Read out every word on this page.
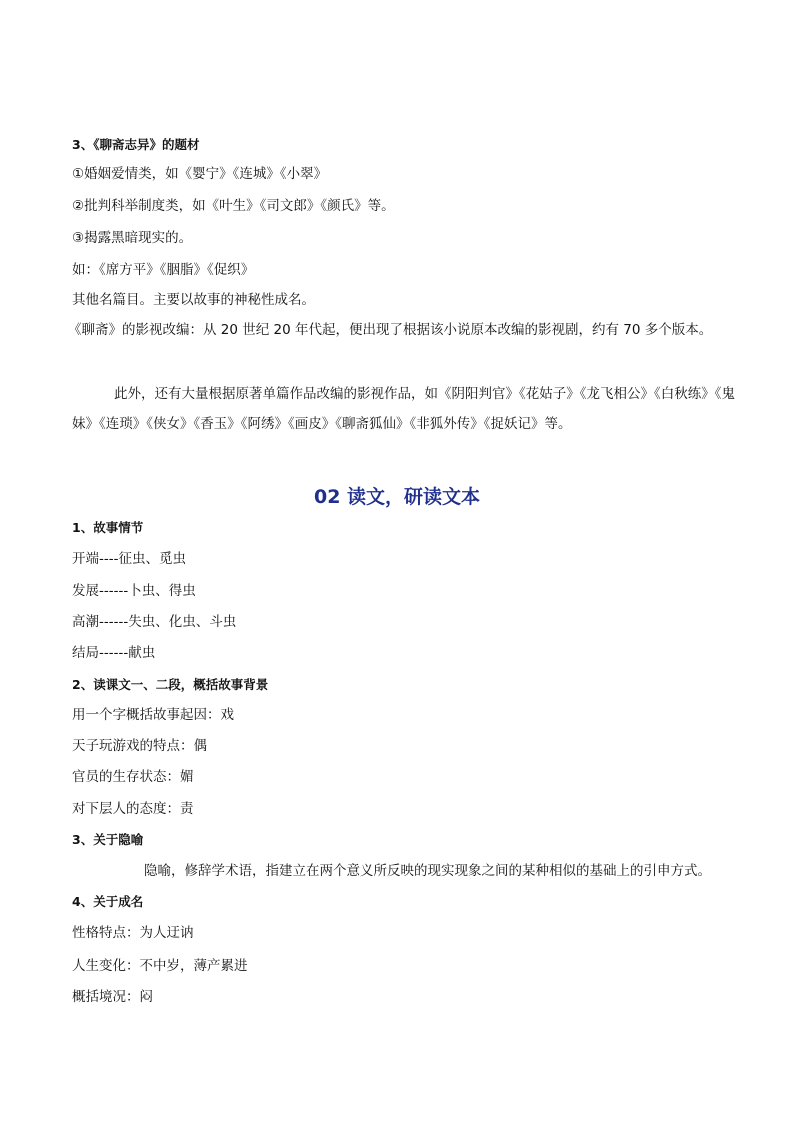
3、《聊斋志异》的题材
①婚姻爱情类，如《婴宁》《连城》《小翠》
②批判科举制度类，如《叶生》《司文郎》《颜氏》等。
③揭露黑暗现实的。
如：《席方平》《胭脂》《促织》
其他名篇目。主要以故事的神秘性成名。
《聊斋》的影视改编：从 20 世纪 20 年代起，便出现了根据该小说原本改编的影视剧，约有 70 多个版本。
此外，还有大量根据原著单篇作品改编的影视作品，如《阴阳判官》《花姑子》《龙飞相公》《白秋练》《鬼妹》《连琐》《侠女》《香玉》《阿绣》《画皮》《聊斋狐仙》《非狐外传》《捉妖记》等。
02 读文，研读文本
1、故事情节
开端----征虫、觅虫
发展------卜虫、得虫
高潮------失虫、化虫、斗虫
结局------献虫
2、读课文一、二段，概括故事背景
用一个字概括故事起因：戏
天子玩游戏的特点：偶
官员的生存状态：媚
对下层人的态度：责
3、关于隐喻
隐喻，修辞学术语，指建立在两个意义所反映的现实现象之间的某种相似的基础上的引申方式。
4、关于成名
性格特点：为人迂讷
人生变化：不中岁，薄产累进
概括境况：闷
